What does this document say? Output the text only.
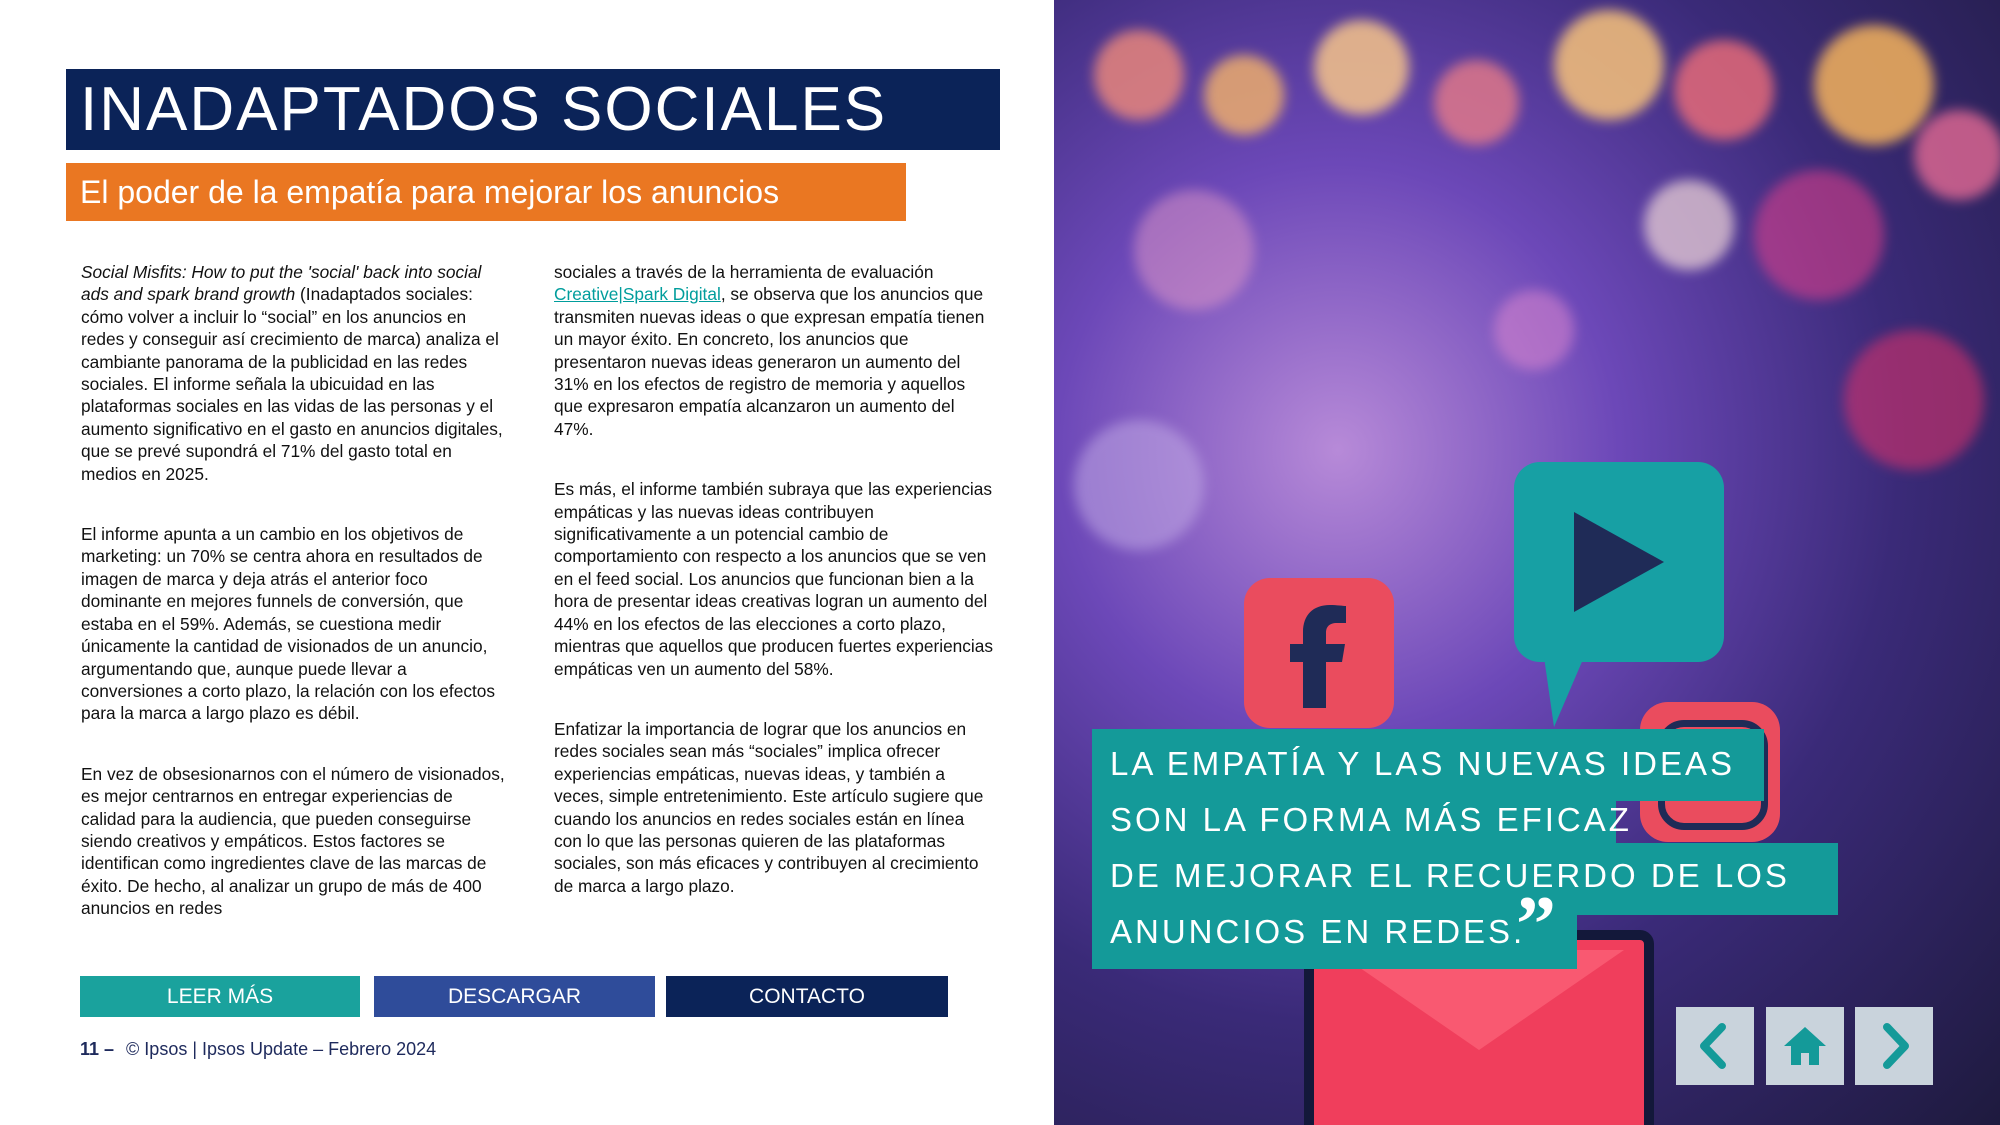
INADAPTADOS SOCIALES
El poder de la empatía para mejorar los anuncios

Social Misfits: How to put the 'social' back into social ads and spark brand growth (Inadaptados sociales: cómo volver a incluir lo “social” en los anuncios en redes y conseguir así crecimiento de marca) analiza el cambiante panorama de la publicidad en las redes sociales. El informe señala la ubicuidad en las plataformas sociales en las vidas de las personas y el aumento significativo en el gasto en anuncios digitales, que se prevé supondrá el 71% del gasto total en medios en 2025.

El informe apunta a un cambio en los objetivos de marketing: un 70% se centra ahora en resultados de imagen de marca y deja atrás el anterior foco dominante en mejores funnels de conversión, que estaba en el 59%. Además, se cuestiona medir únicamente la cantidad de visionados de un anuncio, argumentando que, aunque puede llevar a conversiones a corto plazo, la relación con los efectos para la marca a largo plazo es débil.

En vez de obsesionarnos con el número de visionados, es mejor centrarnos en entregar experiencias de calidad para la audiencia, que pueden conseguirse siendo creativos y empáticos. Estos factores se identifican como ingredientes clave de las marcas de éxito. De hecho, al analizar un grupo de más de 400 anuncios en redes

sociales a través de la herramienta de evaluación Creative|Spark Digital, se observa que los anuncios que transmiten nuevas ideas o que expresan empatía tienen un mayor éxito. En concreto, los anuncios que presentaron nuevas ideas generaron un aumento del 31% en los efectos de registro de memoria y aquellos que expresaron empatía alcanzaron un aumento del 47%.

Es más, el informe también subraya que las experiencias empáticas y las nuevas ideas contribuyen significativamente a un potencial cambio de comportamiento con respecto a los anuncios que se ven en el feed social. Los anuncios que funcionan bien a la hora de presentar ideas creativas logran un aumento del 44% en los efectos de las elecciones a corto plazo, mientras que aquellos que producen fuertes experiencias empáticas ven un aumento del 58%.

Enfatizar la importancia de lograr que los anuncios en redes sociales sean más “sociales” implica ofrecer experiencias empáticas, nuevas ideas, y también a veces, simple entretenimiento. Este artículo sugiere que cuando los anuncios en redes sociales están en línea con lo que las personas quieren de las plataformas sociales, son más eficaces y contribuyen al crecimiento de marca a largo plazo.

LEER MÁS	DESCARGAR	CONTACTO
11 – © Ipsos | Ipsos Update – Febrero 2024
LA EMPATÍA Y LAS NUEVAS IDEAS
SON LA FORMA MÁS EFICAZ
DE MEJORAR EL RECUERDO DE LOS
ANUNCIOS EN REDES.
”
